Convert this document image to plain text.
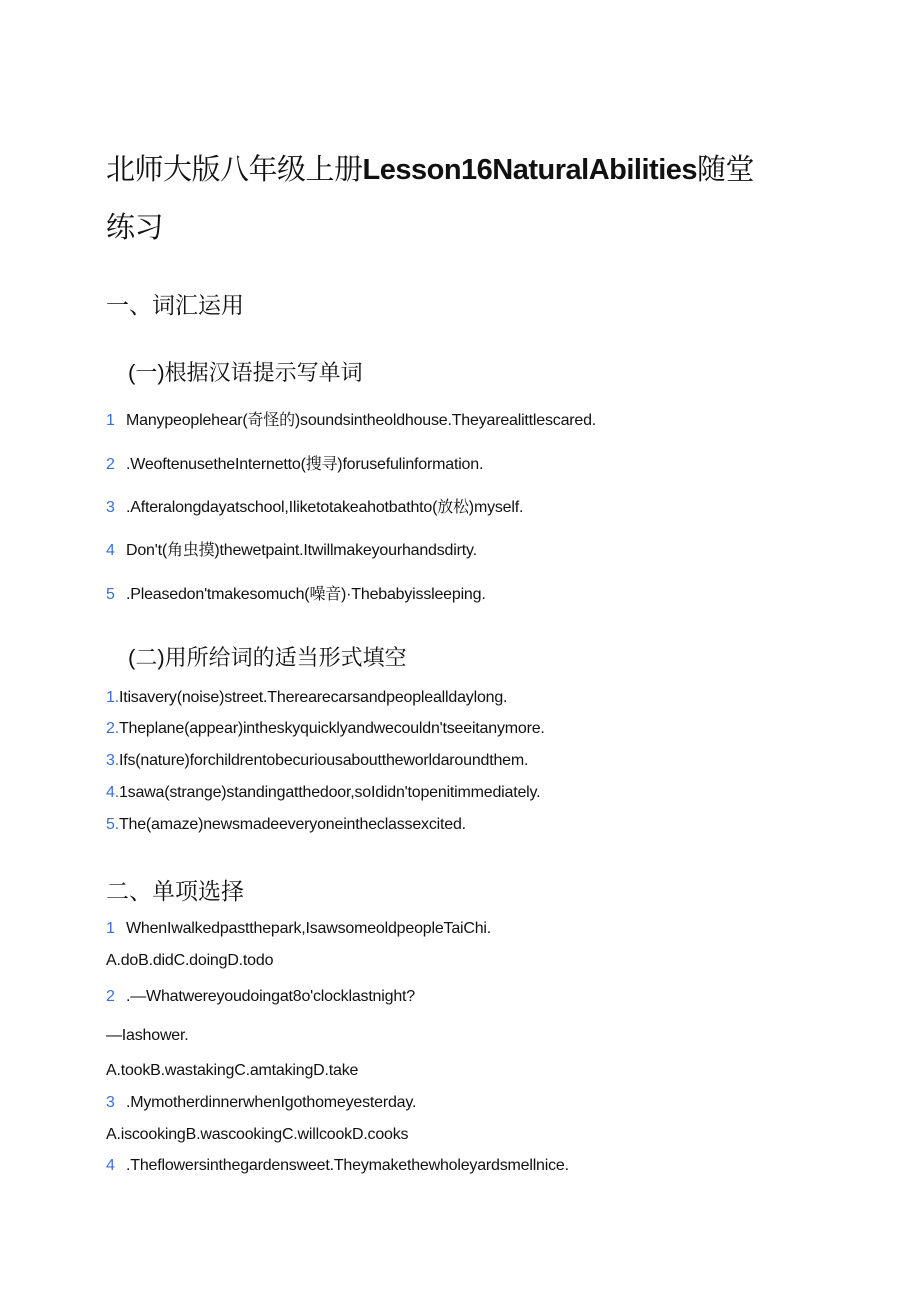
北师大版八年级上册Lesson16NaturalAbilities随堂
练习
一、词汇运用
(一)根据汉语提示写单词
1 Manypeoplehear(奇怪的)soundsintheoldhouse.Theyarealittlescared.
2 .WeoftenusetheInternetto(搜寻)forusefulinformation.
3 .Afteralongdayatschool,Iliketotakeahotbathto(放松)myself.
4 Don't(角虫摸)thewetpaint.Itwillmakeyourhandsdirty.
5 .Pleasedon'tmakesomuch(噪音)·Thebabyissleeping.
(二)用所给词的适当形式填空
1.Itisavery(noise)street.Therearecarsandpeoplealldaylong.
2.Theplane(appear)intheskyquicklyandwecouldn'tseeitanymore.
3.Ifs(nature)forchildrentobecuriousabouttheworldaroundthem.
4.1sawa(strange)standingatthedoor,soIdidn'topenitimmediately.
5.The(amaze)newsmadeeveryoneintheclassexcited.
二、单项选择
1 WhenIwalkedpastthepark,IsawsomeoldpeopleTaiChi.
A.doB.didC.doingD.todo
2 .—Whatwereyoudoingat8o'clocklastnight?
—Iashower.
A.tookB.wastakingC.amtakingD.take
3 .MymotherdinnerwhenIgothomeyesterday.
A.iscookingB.wascookingC.willcookD.cooks
4 .Theflowersinthegardensweet.Theymakethewholeyardsmellnice.
